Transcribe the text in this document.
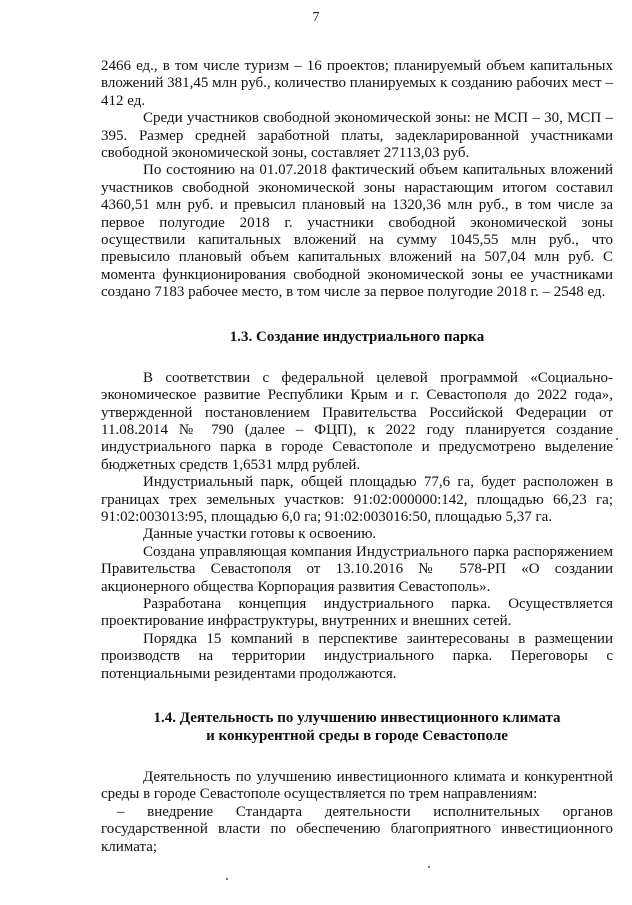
7

2466 ед., в том числе туризм – 16 проектов; планируемый объем капитальных вложений 381,45 млн руб., количество планируемых к созданию рабочих мест – 412 ед.

Среди участников свободной экономической зоны: не МСП – 30, МСП – 395. Размер средней заработной платы, задекларированной участниками свободной экономической зоны, составляет 27113,03 руб.

По состоянию на 01.07.2018 фактический объем капитальных вложений участников свободной экономической зоны нарастающим итогом составил 4360,51 млн руб. и превысил плановый на 1320,36 млн руб., в том числе за первое полугодие 2018 г. участники свободной экономической зоны осуществили капитальных вложений на сумму 1045,55 млн руб., что превысило плановый объем капитальных вложений на 507,04 млн руб. С момента функционирования свободной экономической зоны ее участниками создано 7183 рабочее место, в том числе за первое полугодие 2018 г. – 2548 ед.

1.3. Создание индустриального парка

В соответствии с федеральной целевой программой «Социально-экономическое развитие Республики Крым и г. Севастополя до 2022 года», утвержденной постановлением Правительства Российской Федерации от 11.08.2014 № 790 (далее – ФЦП), к 2022 году планируется создание индустриального парка в городе Севастополе и предусмотрено выделение бюджетных средств 1,6531 млрд рублей.

Индустриальный парк, общей площадью 77,6 га, будет расположен в границах трех земельных участков: 91:02:000000:142, площадью 66,23 га; 91:02:003013:95, площадью 6,0 га; 91:02:003016:50, площадью 5,37 га.

Данные участки готовы к освоению.

Создана управляющая компания Индустриального парка распоряжением Правительства Севастополя от 13.10.2016 № 578-РП «О создании акционерного общества Корпорация развития Севастополь».

Разработана концепция индустриального парка. Осуществляется проектирование инфраструктуры, внутренних и внешних сетей.

Порядка 15 компаний в перспективе заинтересованы в размещении производств на территории индустриального парка. Переговоры с потенциальными резидентами продолжаются.

1.4. Деятельность по улучшению инвестиционного климата
и конкурентной среды в городе Севастополе

Деятельность по улучшению инвестиционного климата и конкурентной среды в городе Севастополе осуществляется по трем направлениям:

– внедрение Стандарта деятельности исполнительных органов государственной власти по обеспечению благоприятного инвестиционного климата;
